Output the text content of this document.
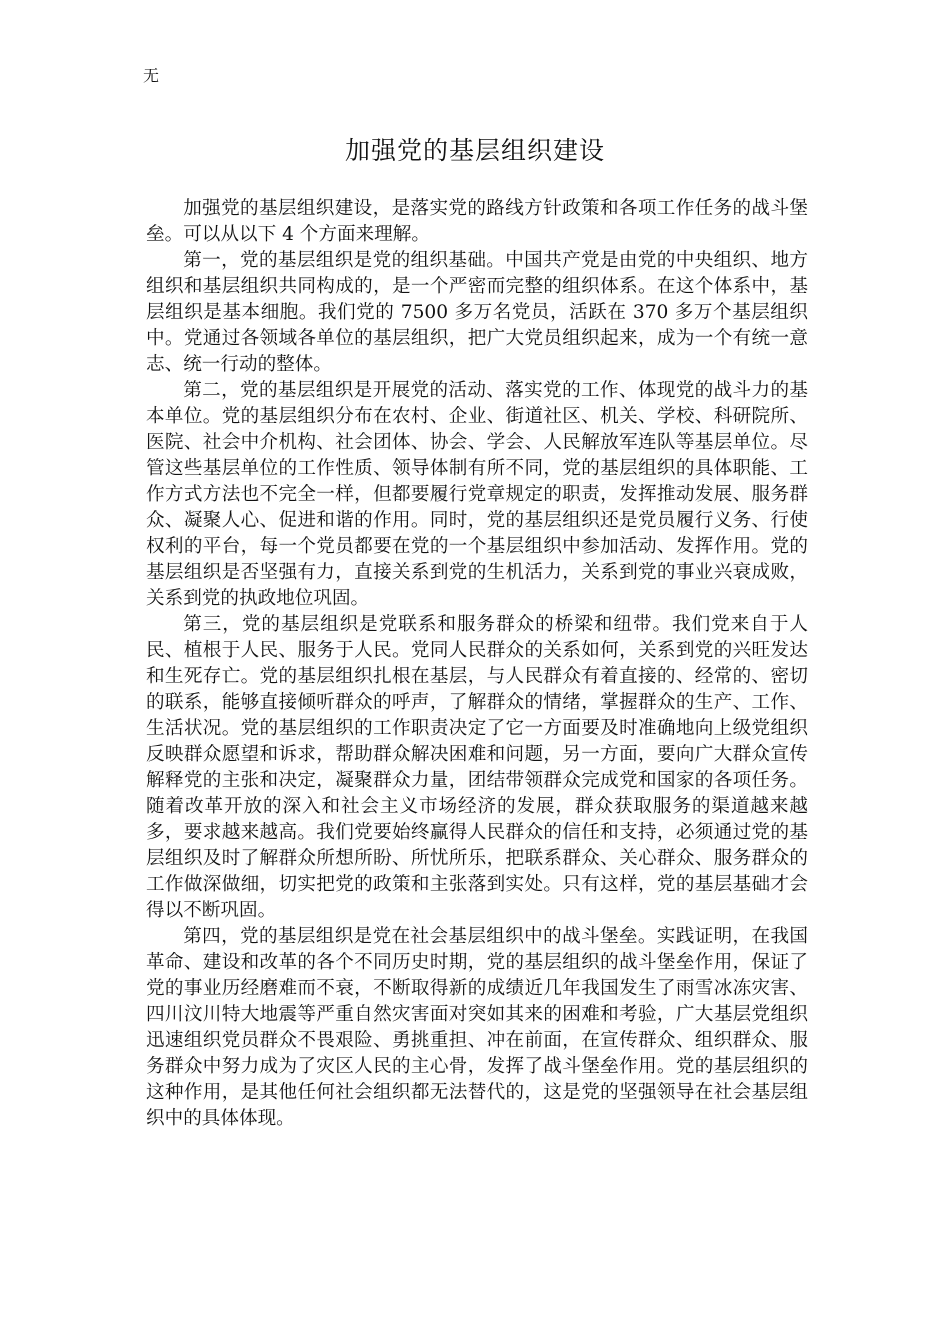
无
加强党的基层组织建设

加强党的基层组织建设，是落实党的路线方针政策和各项工作任务的战斗堡垒。可以从以下 4 个方面来理解。

第一，党的基层组织是党的组织基础。中国共产党是由党的中央组织、地方组织和基层组织共同构成的，是一个严密而完整的组织体系。在这个体系中，基层组织是基本细胞。我们党的 7500 多万名党员，活跃在 370 多万个基层组织中。党通过各领域各单位的基层组织，把广大党员组织起来，成为一个有统一意志、统一行动的整体。

第二，党的基层组织是开展党的活动、落实党的工作、体现党的战斗力的基本单位。党的基层组织分布在农村、企业、街道社区、机关、学校、科研院所、医院、社会中介机构、社会团体、协会、学会、人民解放军连队等基层单位。尽管这些基层单位的工作性质、领导体制有所不同，党的基层组织的具体职能、工作方式方法也不完全一样，但都要履行党章规定的职责，发挥推动发展、服务群众、凝聚人心、促进和谐的作用。同时，党的基层组织还是党员履行义务、行使权利的平台，每一个党员都要在党的一个基层组织中参加活动、发挥作用。党的基层组织是否坚强有力，直接关系到党的生机活力，关系到党的事业兴衰成败，关系到党的执政地位巩固。

第三，党的基层组织是党联系和服务群众的桥梁和纽带。我们党来自于人民、植根于人民、服务于人民。党同人民群众的关系如何，关系到党的兴旺发达和生死存亡。党的基层组织扎根在基层，与人民群众有着直接的、经常的、密切的联系，能够直接倾听群众的呼声，了解群众的情绪，掌握群众的生产、工作、生活状况。党的基层组织的工作职责决定了它一方面要及时准确地向上级党组织反映群众愿望和诉求，帮助群众解决困难和问题，另一方面，要向广大群众宣传解释党的主张和决定，凝聚群众力量，团结带领群众完成党和国家的各项任务。随着改革开放的深入和社会主义市场经济的发展，群众获取服务的渠道越来越多，要求越来越高。我们党要始终赢得人民群众的信任和支持，必须通过党的基层组织及时了解群众所想所盼、所忧所乐，把联系群众、关心群众、服务群众的工作做深做细，切实把党的政策和主张落到实处。只有这样，党的基层基础才会得以不断巩固。

第四，党的基层组织是党在社会基层组织中的战斗堡垒。实践证明，在我国革命、建设和改革的各个不同历史时期，党的基层组织的战斗堡垒作用，保证了党的事业历经磨难而不衰，不断取得新的成绩近几年我国发生了雨雪冰冻灾害、四川汶川特大地震等严重自然灾害面对突如其来的困难和考验，广大基层党组织迅速组织党员群众不畏艰险、勇挑重担、冲在前面，在宣传群众、组织群众、服务群众中努力成为了灾区人民的主心骨，发挥了战斗堡垒作用。党的基层组织的这种作用，是其他任何社会组织都无法替代的，这是党的坚强领导在社会基层组织中的具体体现。
